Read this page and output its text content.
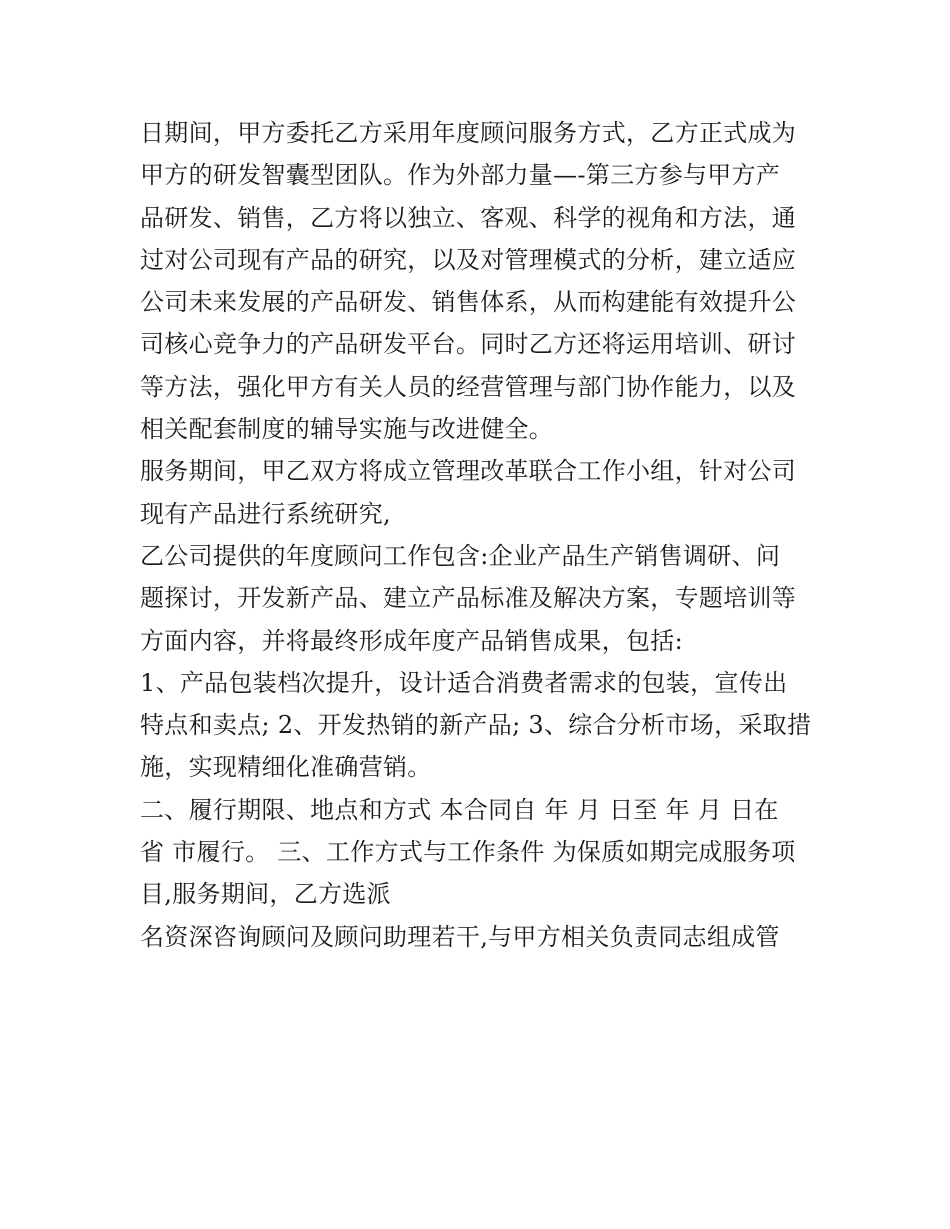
日期间，甲方委托乙方采用年度顾问服务方式，乙方正式成为
甲方的研发智囊型团队。作为外部力量—-第三方参与甲方产
品研发、销售，乙方将以独立、客观、科学的视角和方法，通
过对公司现有产品的研究，以及对管理模式的分析，建立适应
公司未来发展的产品研发、销售体系，从而构建能有效提升公
司核心竞争力的产品研发平台。同时乙方还将运用培训、研讨
等方法，强化甲方有关人员的经营管理与部门协作能力，以及
相关配套制度的辅导实施与改进健全。
服务期间，甲乙双方将成立管理改革联合工作小组，针对公司
现有产品进行系统研究,
乙公司提供的年度顾问工作包含:企业产品生产销售调研、问
题探讨，开发新产品、建立产品标准及解决方案，专题培训等
方面内容，并将最终形成年度产品销售成果，包括:
1、产品包装档次提升，设计适合消费者需求的包装，宣传出
特点和卖点; 2、开发热销的新产品; 3、综合分析市场，采取措
施，实现精细化准确营销。
二、履行期限、地点和方式 本合同自 年 月 日至 年 月 日在
省 市履行。 三、工作方式与工作条件 为保质如期完成服务项
目,服务期间，乙方选派
名资深咨询顾问及顾问助理若干,与甲方相关负责同志组成管
